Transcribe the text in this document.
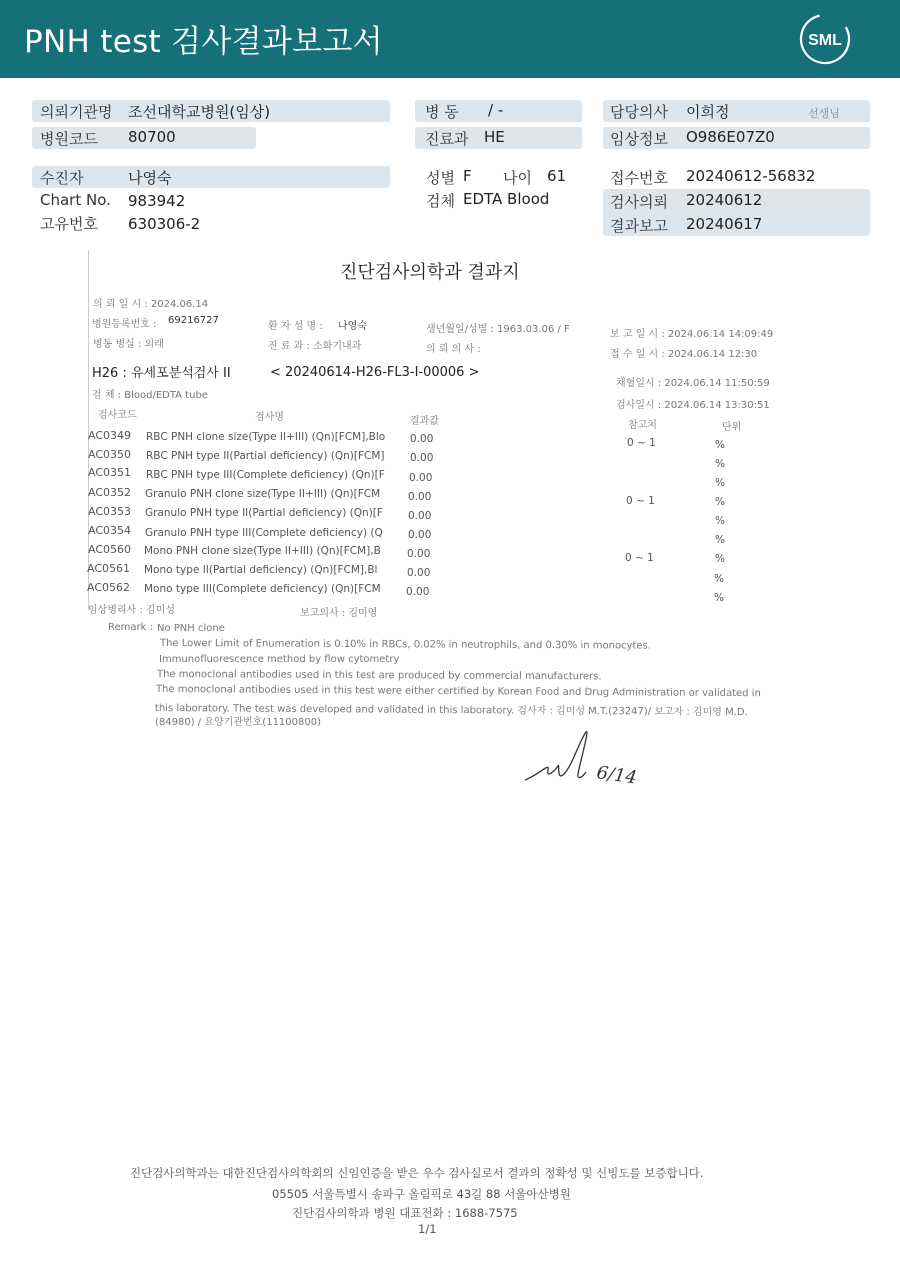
PNH test 검사결과보고서	SML
의뢰기관명 조선대학교병원(임상)
병원코드 80700
병 동 / -
진료과 HE
담당의사 이희정	선생님
임상정보 O986E07Z0
수진자	나영숙
Chart No. 983942
고유번호 630306-2
성별 F 나이 61
검체 EDTA Blood
접수번호 20240612-56832
검사의뢰 20240612
결과보고 20240617
진단검사의학과 결과지
의 뢰 일 시 : 2024.06.14
병원등록번호 : 69216727
병동 병실 : 외래
환 자 성 명 : 나영숙
진 료 과 : 소화기내과
생년월일/성별 : 1963.03.06 / F
의 뢰 의 사 :
보 고 일 시 : 2024.06.14 14:09:49
접 수 일 시 : 2024.06.14 12:30
채혈일시 : 2024.06.14 11:50:59
검사일시 : 2024.06.14 13:30:51
H26 : 유세포분석검사 II	< 20240614-H26-FL3-I-00006 >
검 체 : Blood/EDTA tube
검사코드	검사명	결과값	참고치	단위
AC0349 RBC PNH clone size(Type II+III) (Qn)[FCM],Blo 0.00	0 ~ 1	%
AC0350 RBC PNH type II(Partial deficiency) (Qn)[FCM] 0.00	%
AC0351 RBC PNH type III(Complete deficiency) (Qn)[F 0.00	%
AC0352 Granulo PNH clone size(Type II+III) (Qn)[FCM	0.00	0 ~ 1	%
AC0353 Granulo PNH type II(Partial deficiency) (Qn)[F 0.00	%
AC0354 Granulo PNH type III(Complete deficiency) (Q 0.00	%
AC0560 Mono PNH clone size(Type II+III) (Qn)[FCM],B 0.00	0 ~ 1	%
AC0561 Mono type II(Partial deficiency) (Qn)[FCM],Bl	0.00	%
AC0562 Mono type III(Complete deficiency) (Qn)[FCM 0.00	%
임상병리사 : 김미성	보고의사 : 김미영
Remark : No PNH clone
The Lower Limit of Enumeration is 0.10% in RBCs, 0.02% in neutrophils, and 0.30% in monocytes.
Immunofluorescence method by flow cytometry
The monoclonal antibodies used in this test are produced by commercial manufacturers.
The monoclonal antibodies used in this test were either certified by Korean Food and Drug Administration or validated in
this laboratory. The test was developed and validated in this laboratory. 검사자 : 김미성 M.T.(23247)/ 보고자 : 김미영 M.D.
(84980) / 요양기관번호(11100800)
6/14
진단검사의학과는 대한진단검사의학회의 신임인증을 받은 우수 검사실로서 결과의 정확성 및 신빙도를 보증합니다.
05505 서울특별시 송파구 올림픽로 43길 88 서울아산병원
진단검사의학과 병원 대표전화 : 1688-7575
1/1
